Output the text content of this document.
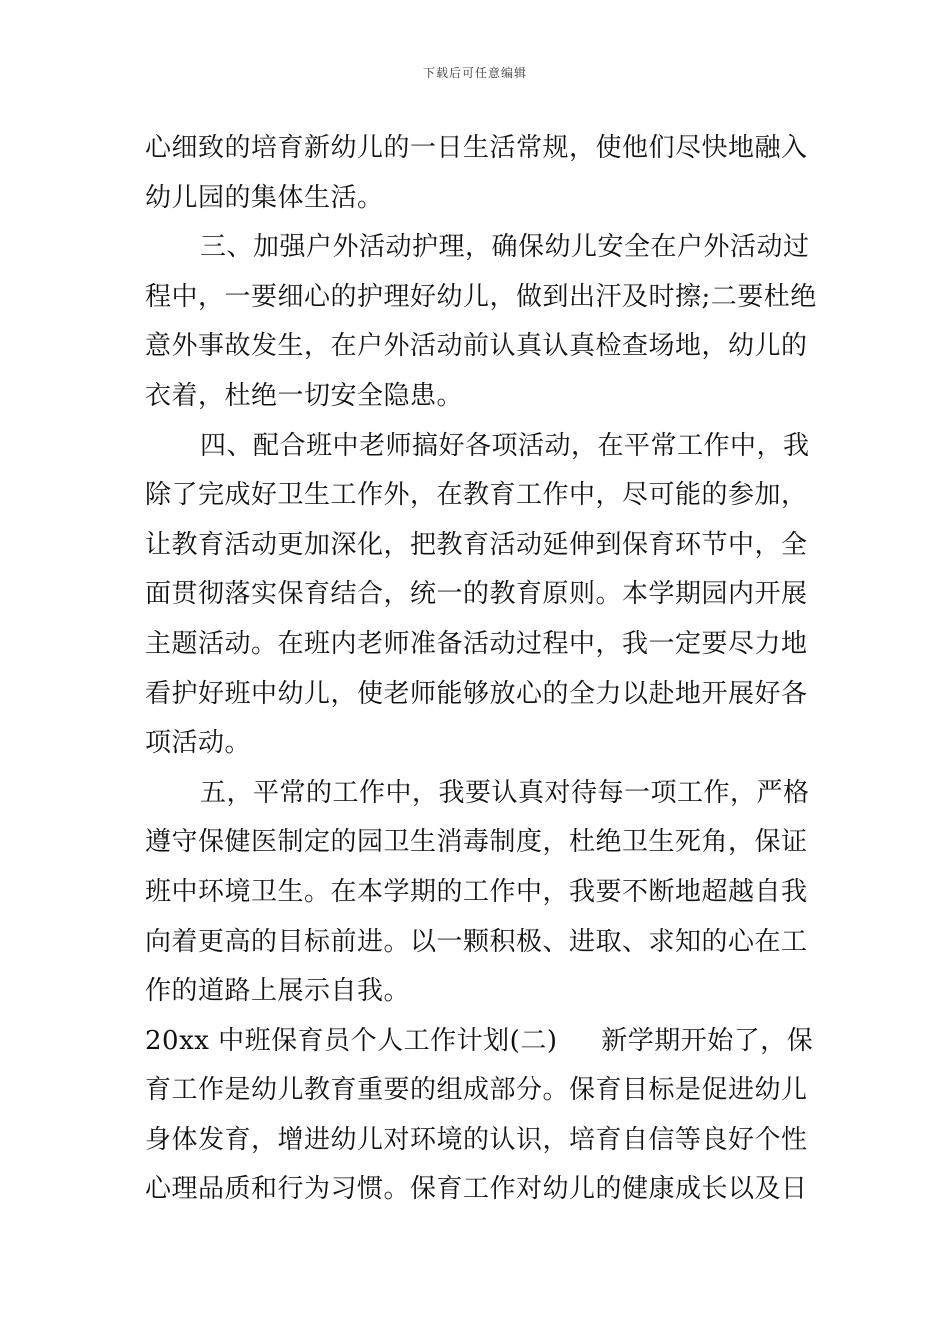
下载后可任意编辑
心细致的培育新幼儿的一日生活常规，使他们尽快地融入
幼儿园的集体生活。
三、加强户外活动护理，确保幼儿安全在户外活动过
程中，一要细心的护理好幼儿，做到出汗及时擦;二要杜绝
意外事故发生，在户外活动前认真认真检查场地，幼儿的
衣着，杜绝一切安全隐患。
四、配合班中老师搞好各项活动，在平常工作中，我
除了完成好卫生工作外，在教育工作中，尽可能的参加，
让教育活动更加深化，把教育活动延伸到保育环节中，全
面贯彻落实保育结合，统一的教育原则。本学期园内开展
主题活动。在班内老师准备活动过程中，我一定要尽力地
看护好班中幼儿，使老师能够放心的全力以赴地开展好各
项活动。
五，平常的工作中，我要认真对待每一项工作，严格
遵守保健医制定的园卫生消毒制度，杜绝卫生死角，保证
班中环境卫生。在本学期的工作中，我要不断地超越自我
向着更高的目标前进。以一颗积极、进取、求知的心在工
作的道路上展示自我。
20xx 中班保育员个人工作计划(二)     新学期开始了，保
育工作是幼儿教育重要的组成部分。保育目标是促进幼儿
身体发育，增进幼儿对环境的认识，培育自信等良好个性
心理品质和行为习惯。保育工作对幼儿的健康成长以及日
